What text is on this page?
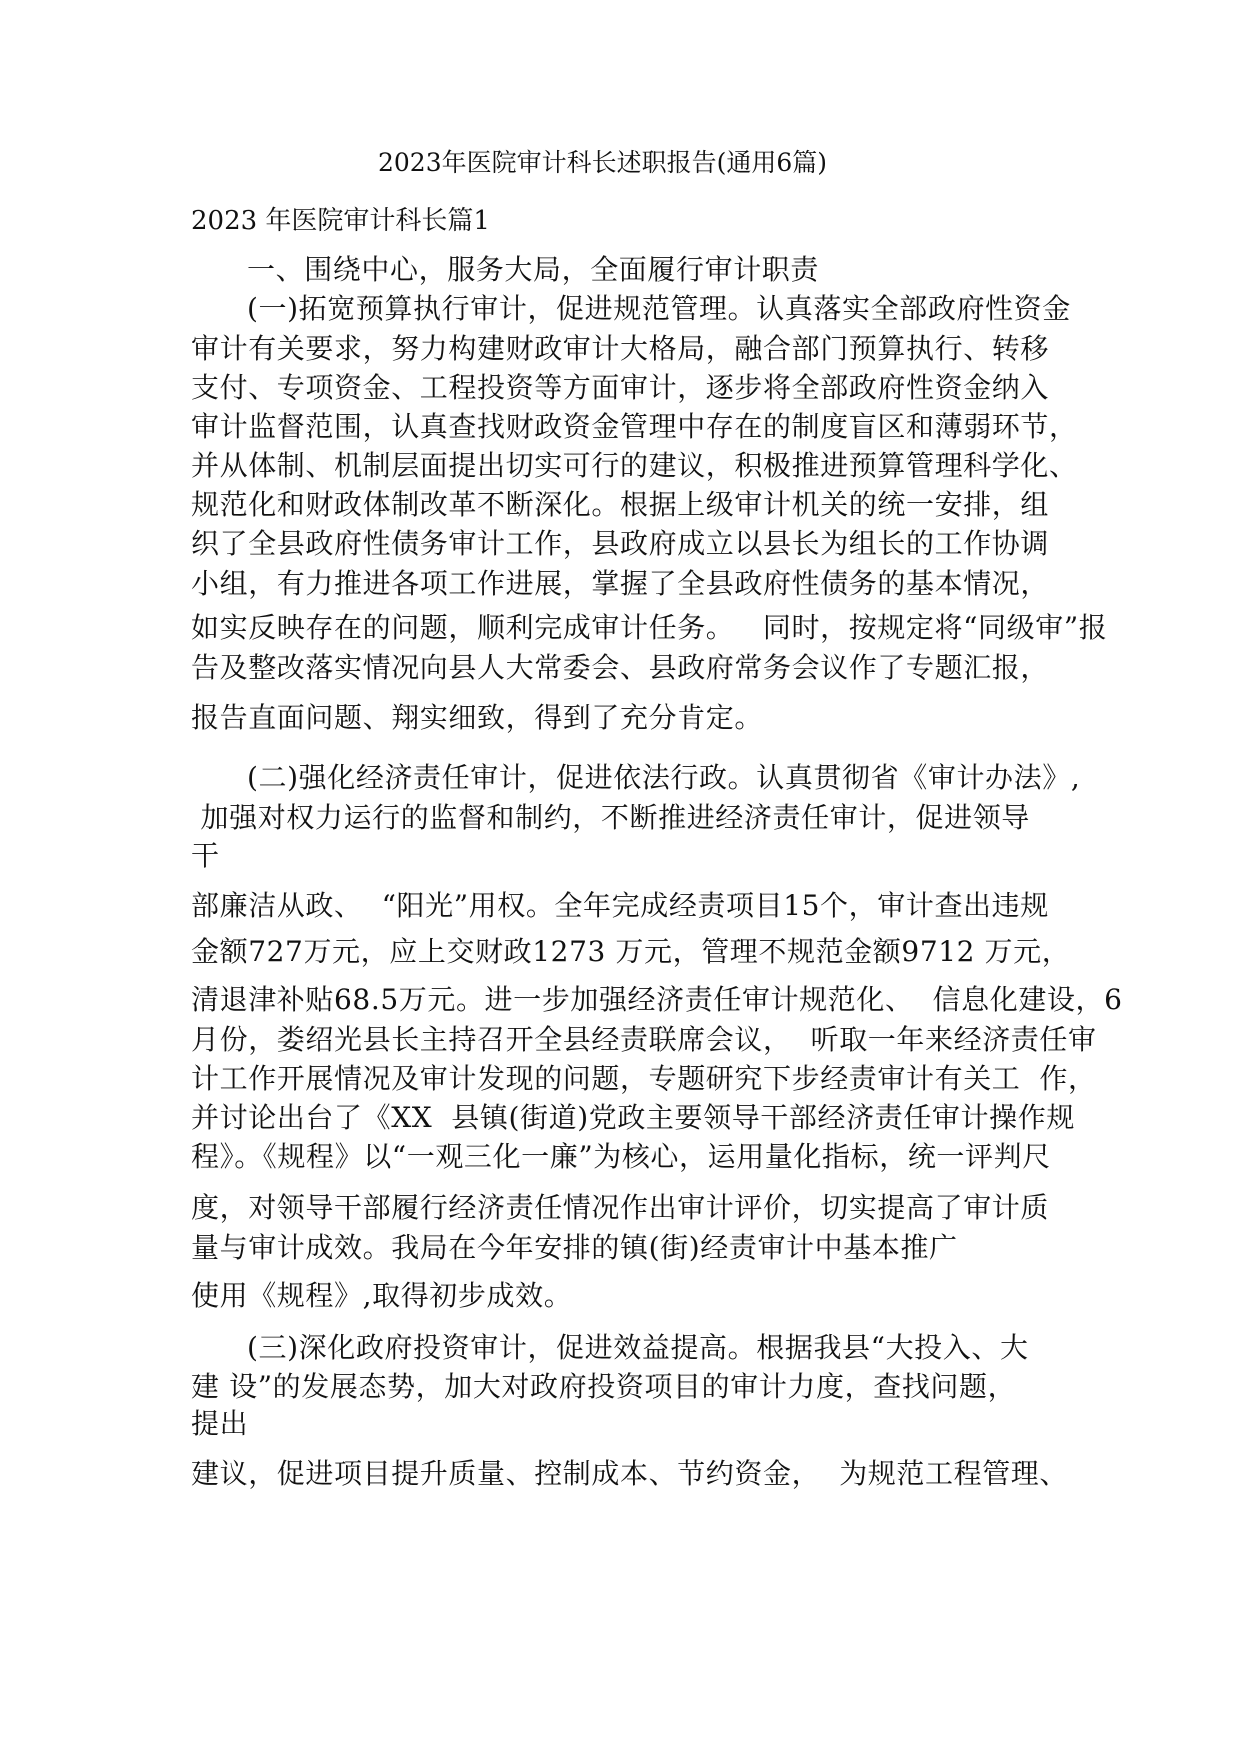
2023年医院审计科长述职报告(通用6篇)
2023 年医院审计科长篇1
一、围绕中心，服务大局，全面履行审计职责
(一)拓宽预算执行审计，促进规范管理。认真落实全部政府性资金
审计有关要求，努力构建财政审计大格局，融合部门预算执行、转移
支付、专项资金、工程投资等方面审计，逐步将全部政府性资金纳入
审计监督范围，认真查找财政资金管理中存在的制度盲区和薄弱环节，
并从体制、机制层面提出切实可行的建议，积极推进预算管理科学化、
规范化和财政体制改革不断深化。根据上级审计机关的统一安排，组
织了全县政府性债务审计工作，县政府成立以县长为组长的工作协调
小组，有力推进各项工作进展，掌握了全县政府性债务的基本情况，
如实反映存在的问题，顺利完成审计任务。   同时，按规定将“同级审”报
告及整改落实情况向县人大常委会、县政府常务会议作了专题汇报，
报告直面问题、翔实细致，得到了充分肯定。
(二)强化经济责任审计，促进依法行政。认真贯彻省《审计办法》,
加强对权力运行的监督和制约，不断推进经济责任审计，促进领导
干
部廉洁从政、  “阳光”用权。全年完成经责项目15个，审计查出违规
金额727万元，应上交财政1273 万元，管理不规范金额9712 万元，
清退津补贴68.5万元。进一步加强经济责任审计规范化、  信息化建设，6
月份，娄绍光县长主持召开全县经责联席会议，  听取一年来经济责任审
计工作开展情况及审计发现的问题，专题研究下步经责审计有关工  作，
并讨论出台了《XX  县镇(街道)党政主要领导干部经济责任审计操作规
程》。《规程》以“一观三化一廉”为核心，运用量化指标，统一评判尺
度，对领导干部履行经济责任情况作出审计评价，切实提高了审计质
量与审计成效。我局在今年安排的镇(街)经责审计中基本推广
使用《规程》,取得初步成效。
(三)深化政府投资审计，促进效益提高。根据我县“大投入、大
建 设”的发展态势，加大对政府投资项目的审计力度，查找问题，
提出
建议，促进项目提升质量、控制成本、节约资金，  为规范工程管理、
